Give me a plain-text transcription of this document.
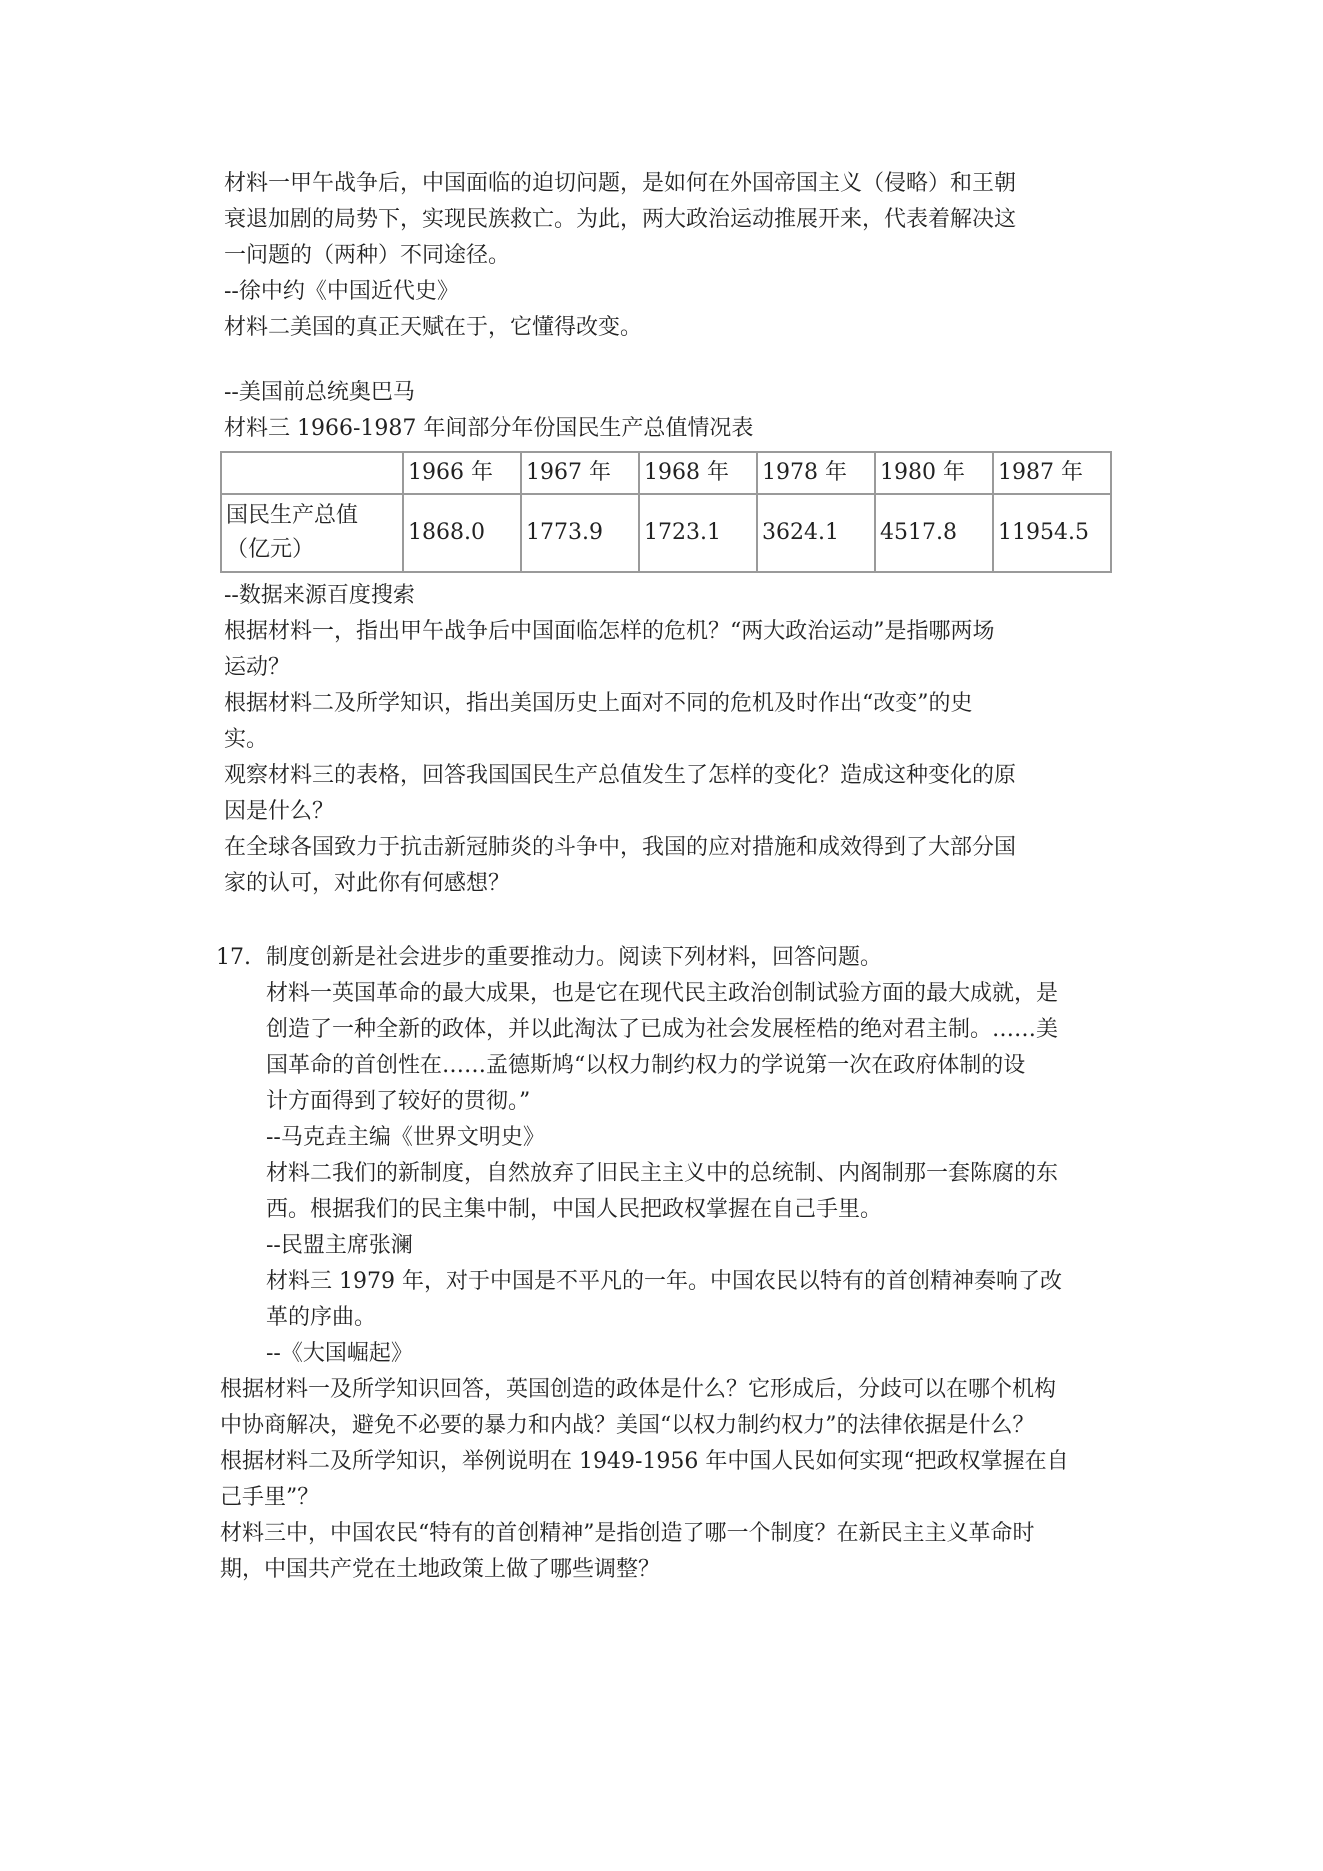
材料一甲午战争后，中国面临的迫切问题，是如何在外国帝国主义（侵略）和王朝

衰退加剧的局势下，实现民族救亡。为此，两大政治运动推展开来，代表着解决这

一问题的（两种）不同途径。

--徐中约《中国近代史》

材料二美国的真正天赋在于，它懂得改变。

--美国前总统奥巴马

材料三 1966-1987 年间部分年份国民生产总值情况表

	1966 年	1967 年	1968 年	1978 年	1980 年	1987 年

国民生产总值
（亿元）	1868.0	1773.9	1723.1	3624.1	4517.8	11954.5

--数据来源百度搜索

根据材料一，指出甲午战争后中国面临怎样的危机？“两大政治运动”是指哪两场

运动？

根据材料二及所学知识，指出美国历史上面对不同的危机及时作出“改变”的史

实。

观察材料三的表格，回答我国国民生产总值发生了怎样的变化？造成这种变化的原

因是什么？

在全球各国致力于抗击新冠肺炎的斗争中，我国的应对措施和成效得到了大部分国

家的认可，对此你有何感想？

17. 制度创新是社会进步的重要推动力。阅读下列材料，回答问题。

材料一英国革命的最大成果，也是它在现代民主政治创制试验方面的最大成就，是

创造了一种全新的政体，并以此淘汰了已成为社会发展桎梏的绝对君主制。……美

国革命的首创性在……孟德斯鸠“以权力制约权力的学说第一次在政府体制的设

计方面得到了较好的贯彻。”

--马克垚主编《世界文明史》

材料二我们的新制度，自然放弃了旧民主主义中的总统制、内阁制那一套陈腐的东

西。根据我们的民主集中制，中国人民把政权掌握在自己手里。

--民盟主席张澜

材料三 1979 年，对于中国是不平凡的一年。中国农民以特有的首创精神奏响了改

革的序曲。

--《大国崛起》

根据材料一及所学知识回答，英国创造的政体是什么？它形成后，分歧可以在哪个机构

中协商解决，避免不必要的暴力和内战？美国“以权力制约权力”的法律依据是什么？

根据材料二及所学知识，举例说明在 1949-1956 年中国人民如何实现“把政权掌握在自

己手里”？

材料三中，中国农民“特有的首创精神”是指创造了哪一个制度？在新民主主义革命时

期，中国共产党在土地政策上做了哪些调整？
